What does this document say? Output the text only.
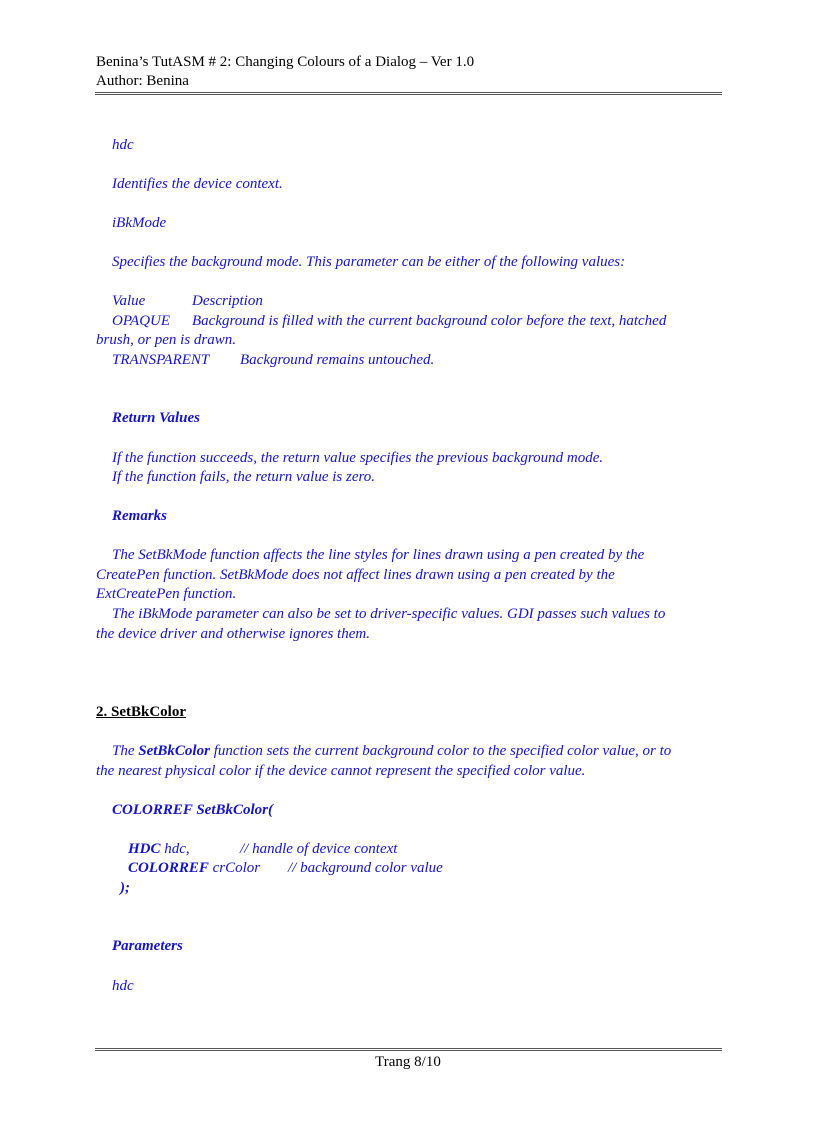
Benina’s TutASM # 2: Changing Colours of a Dialog – Ver 1.0
Author: Benina
hdc
Identifies the device context.
iBkMode
Specifies the background mode. This parameter can be either of the following values:
Value	Description
OPAQUE Background is filled with the current background color before the text, hatched
brush, or pen is drawn.
TRANSPARENT Background remains untouched.
Return Values
If the function succeeds, the return value specifies the previous background mode.
If the function fails, the return value is zero.
Remarks
The SetBkMode function affects the line styles for lines drawn using a pen created by the
CreatePen function. SetBkMode does not affect lines drawn using a pen created by the
ExtCreatePen function.
The iBkMode parameter can also be set to driver-specific values. GDI passes such values to
the device driver and otherwise ignores them.
2. SetBkColor
The SetBkColor function sets the current background color to the specified color value, or to
the nearest physical color if the device cannot represent the specified color value.
COLORREF SetBkColor(
HDC hdc,	// handle of device context
COLORREF crColor // background color value
);
Parameters
hdc
Trang 8/10
